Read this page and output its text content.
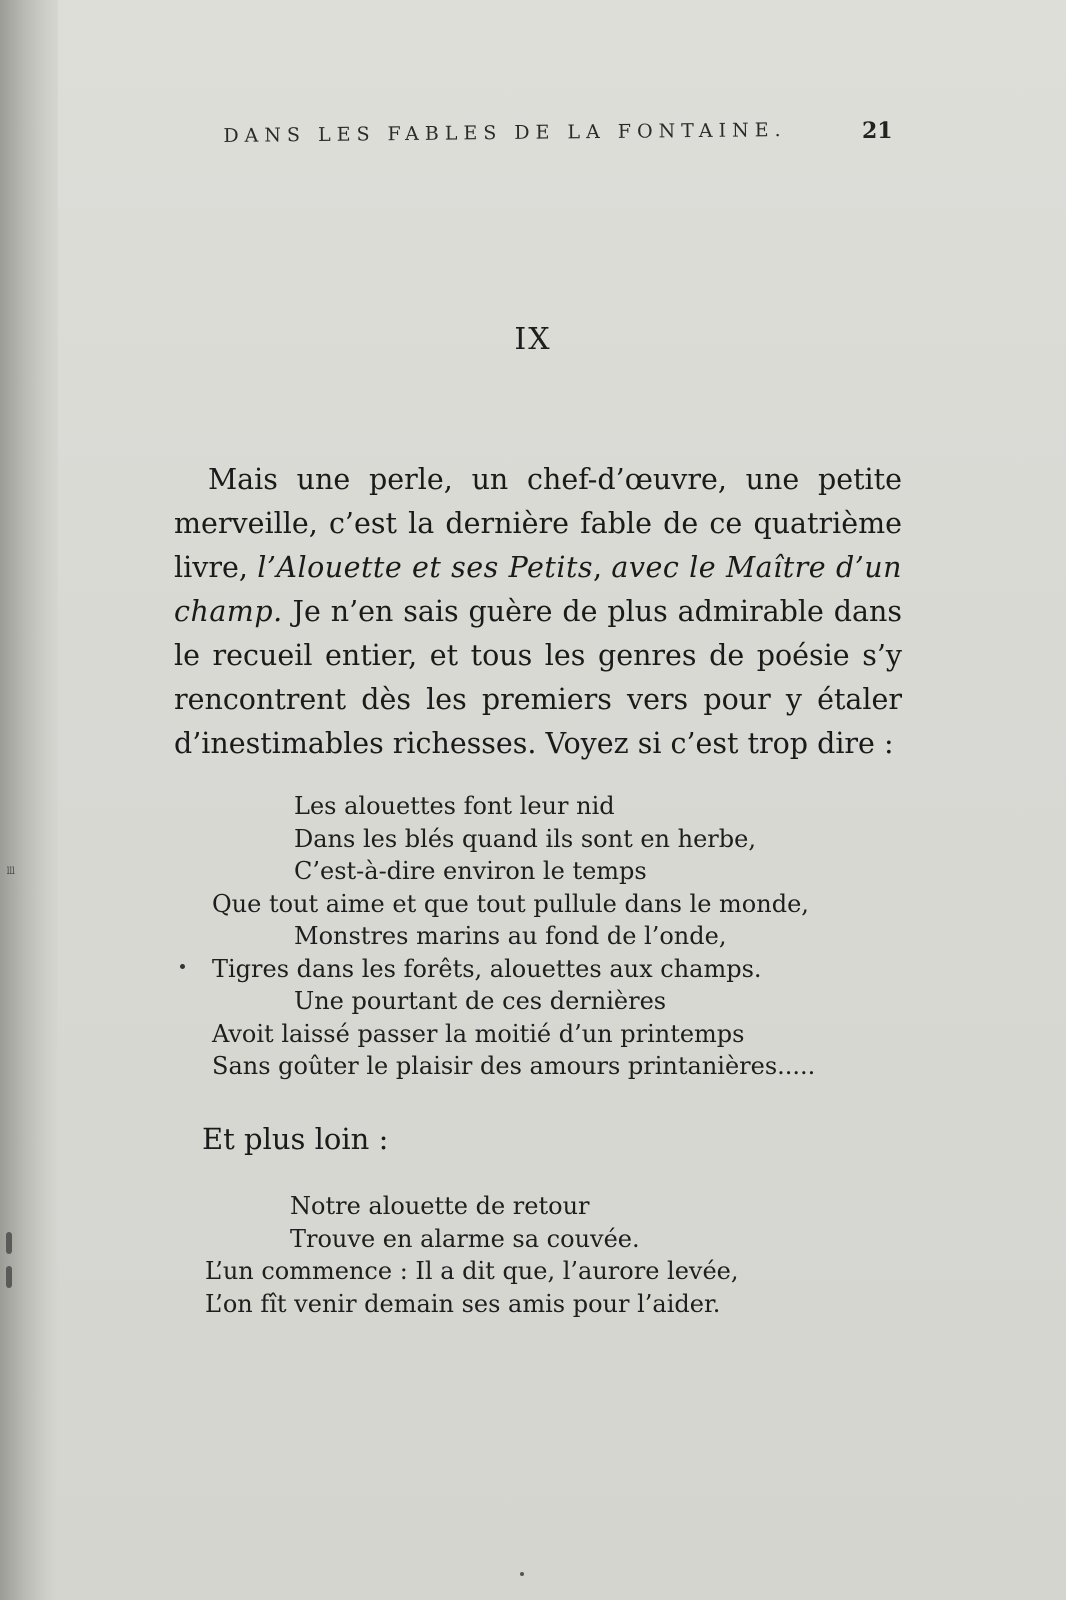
ııı
DANS LES FABLES DE LA FONTAINE.	21
IX
Mais une perle, un chef-d’œuvre, une petite merveille, c’est la dernière fable de ce quatrième livre, l’Alouette et ses Petits, avec le Maître d’un champ. Je n’en sais guère de plus admirable dans le recueil entier, et tous les genres de poésie s’y rencontrent dès les premiers vers pour y étaler d’inestimables richesses. Voyez si c’est trop dire :
Les alouettes font leur nid
Dans les blés quand ils sont en herbe,
C’est-à-dire environ le temps
Que tout aime et que tout pullule dans le monde,
Monstres marins au fond de l’onde,
Tigres dans les forêts, alouettes aux champs.
Une pourtant de ces dernières
Avoit laissé passer la moitié d’un printemps
Sans goûter le plaisir des amours printanières.....
Et plus loin :
Notre alouette de retour
Trouve en alarme sa couvée.
L’un commence : Il a dit que, l’aurore levée,
L’on fît venir demain ses amis pour l’aider.
